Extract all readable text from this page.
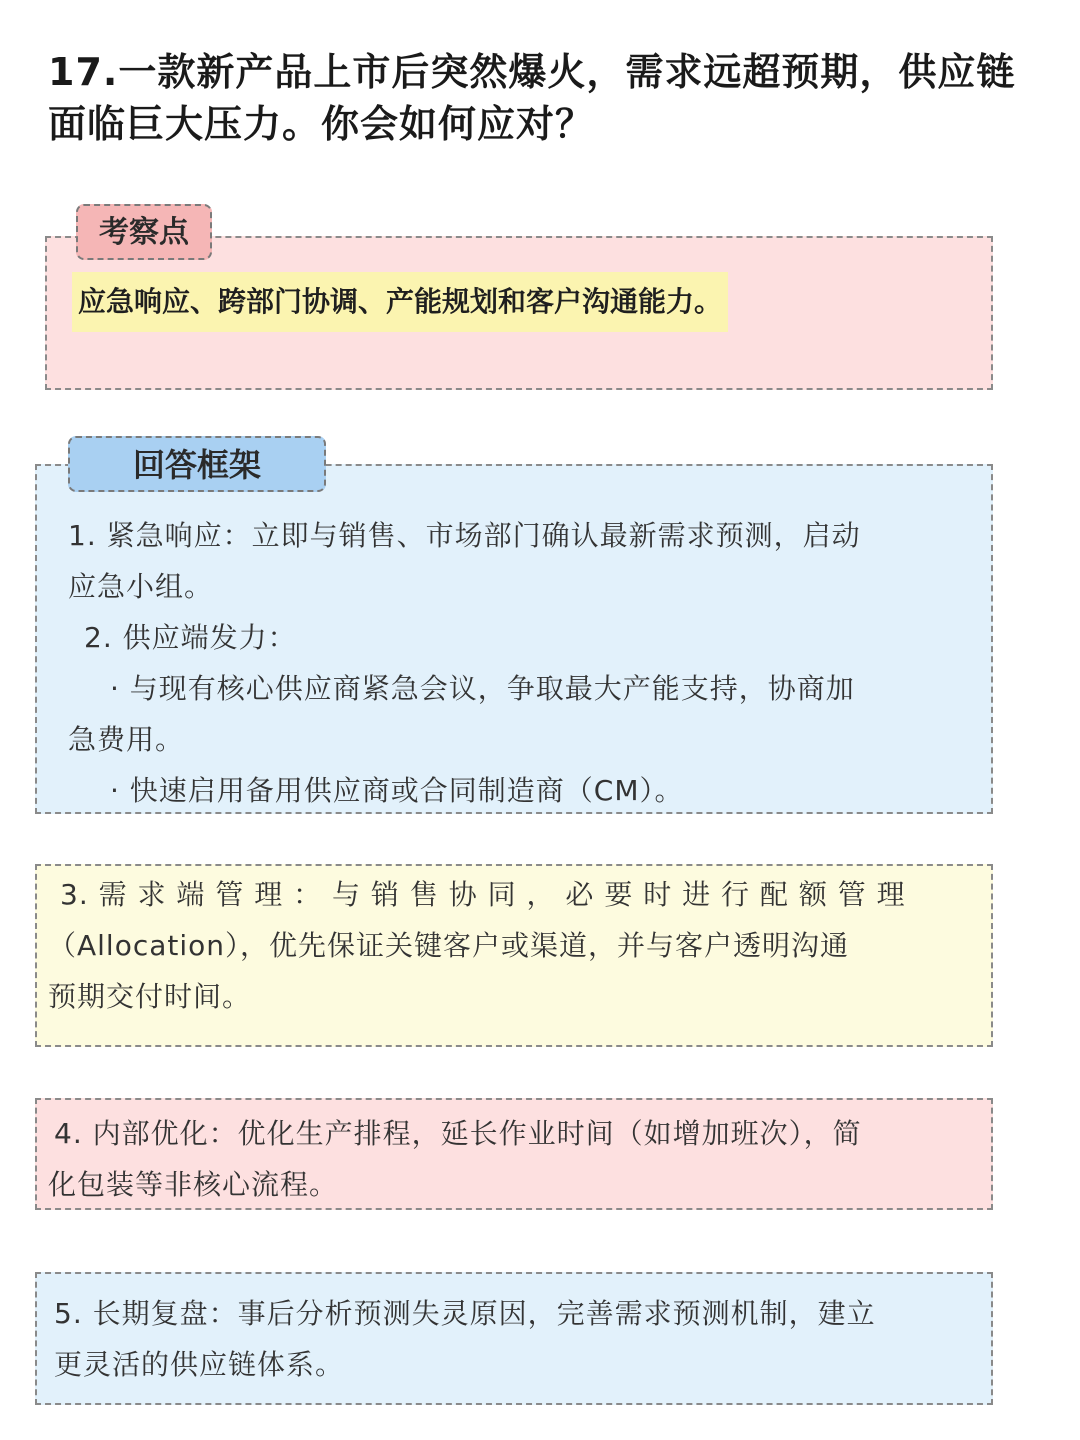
17.一款新产品上市后突然爆火，需求远超预期，供应链面临巨大压力。你会如何应对？
考察点
应急响应、跨部门协调、产能规划和客户沟通能力。
回答框架
1. 紧急响应：立即与销售、市场部门确认最新需求预测，启动
应急小组。
2. 供应端发力：
· 与现有核心供应商紧急会议，争取最大产能支持，协商加
急费用。
· 快速启用备用供应商或合同制造商（CM）。
3. 需 求 端 管 理 ： 与 销 售 协 同 ， 必 要 时 进 行 配 额 管 理
（Allocation），优先保证关键客户或渠道，并与客户透明沟通
预期交付时间。
4. 内部优化：优化生产排程，延长作业时间（如增加班次），简
化包装等非核心流程。
5. 长期复盘：事后分析预测失灵原因，完善需求预测机制，建立
更灵活的供应链体系。
